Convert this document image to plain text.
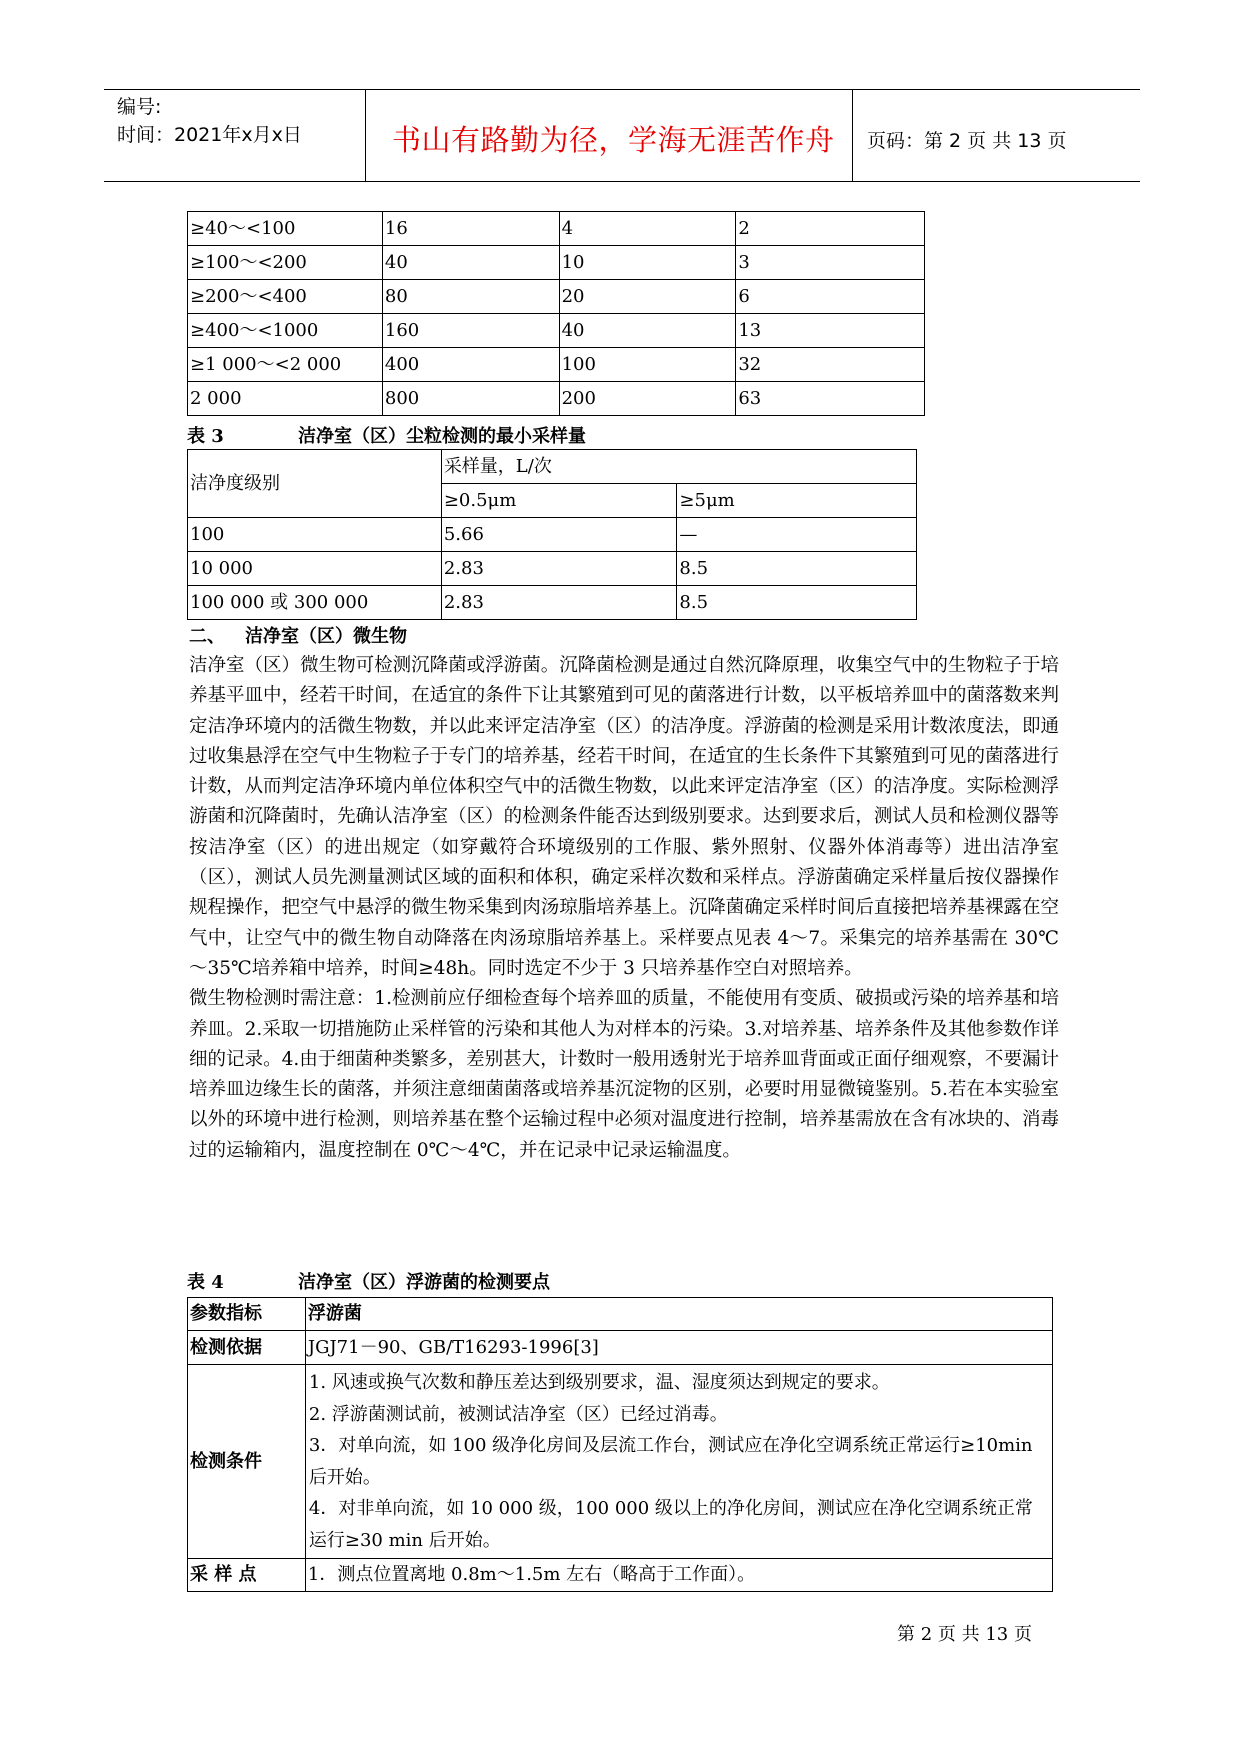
编号:
时间：2021年x月x日	书山有路勤为径，学海无涯苦作舟 页码：第 2 页 共 13 页
≥40～<100	16	4	2
≥100～<200	40	10	3
≥200～<400	80	20	6
≥400～<1000	160	40	13
≥1 000～<2 000	400	100	32
2 000	800	200	63
表 3	洁净室（区）尘粒检测的最小采样量
洁净度级别	采样量，L/次	
	≥0.5μm	≥5μm
100	5.66	—
10 000	2.83	8.5
100 000 或 300 000	2.83	8.5
二、 洁净室（区）微生物

洁净室（区）微生物可检测沉降菌或浮游菌。沉降菌检测是通过自然沉降原理，收集空气中的生物粒子于培养基平皿中，经若干时间，在适宜的条件下让其繁殖到可见的菌落进行计数，以平板培养皿中的菌落数来判定洁净环境内的活微生物数，并以此来评定洁净室（区）的洁净度。浮游菌的检测是采用计数浓度法，即通过收集悬浮在空气中生物粒子于专门的培养基，经若干时间，在适宜的生长条件下其繁殖到可见的菌落进行计数，从而判定洁净环境内单位体积空气中的活微生物数，以此来评定洁净室（区）的洁净度。实际检测浮游菌和沉降菌时，先确认洁净室（区）的检测条件能否达到级别要求。达到要求后，测试人员和检测仪器等按洁净室（区）的进出规定（如穿戴符合环境级别的工作服、紫外照射、仪器外体消毒等）进出洁净室（区），测试人员先测量测试区域的面积和体积，确定采样次数和采样点。浮游菌确定采样量后按仪器操作规程操作，把空气中悬浮的微生物采集到肉汤琼脂培养基上。沉降菌确定采样时间后直接把培养基裸露在空气中，让空气中的微生物自动降落在肉汤琼脂培养基上。采样要点见表 4～7。采集完的培养基需在 30℃～35℃培养箱中培养，时间≥48h。同时选定不少于 3 只培养基作空白对照培养。

微生物检测时需注意：1.检测前应仔细检查每个培养皿的质量，不能使用有变质、破损或污染的培养基和培养皿。2.采取一切措施防止采样管的污染和其他人为对样本的污染。3.对培养基、培养条件及其他参数作详细的记录。4.由于细菌种类繁多，差别甚大，计数时一般用透射光于培养皿背面或正面仔细观察，不要漏计培养皿边缘生长的菌落，并须注意细菌菌落或培养基沉淀物的区别，必要时用显微镜鉴别。5.若在本实验室以外的环境中进行检测，则培养基在整个运输过程中必须对温度进行控制，培养基需放在含有冰块的、消毒过的运输箱内，温度控制在 0℃～4℃，并在记录中记录运输温度。

表 4	洁净室（区）浮游菌的检测要点
参数指标	浮游菌
检测依据	JGJ71－90、GB/T16293-1996[3]
检测条件	1. 风速或换气次数和静压差达到级别要求，温、湿度须达到规定的要求。
2. 浮游菌测试前，被测试洁净室（区）已经过消毒。
3．对单向流，如 100 级净化房间及层流工作台，测试应在净化空调系统正常运行≥10min 后开始。
4．对非单向流，如 10 000 级，100 000 级以上的净化房间，测试应在净化空调系统正常运行≥30 min 后开始。

采 样 点	1．测点位置离地 0.8m～1.5m 左右（略高于工作面）。
第 2 页 共 13 页
